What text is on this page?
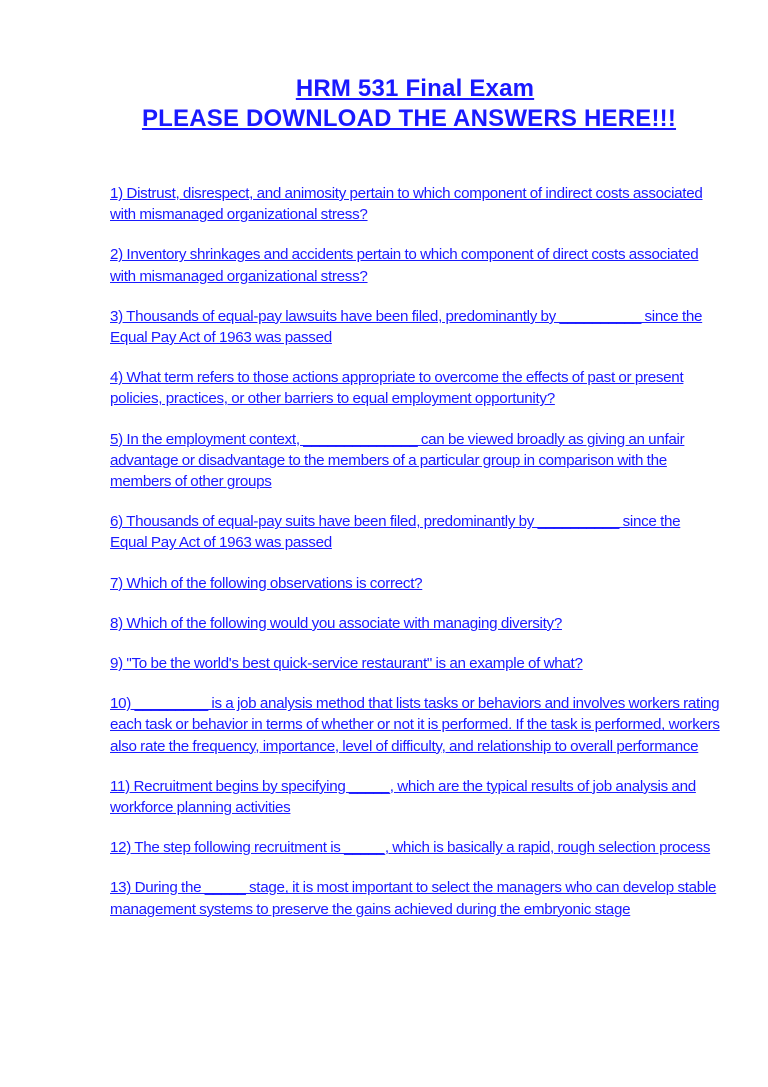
HRM 531 Final Exam
PLEASE DOWNLOAD THE ANSWERS HERE!!!
1) Distrust, disrespect, and animosity pertain to which component of indirect costs associated with mismanaged organizational stress?
2) Inventory shrinkages and accidents pertain to which component of direct costs associated with mismanaged organizational stress?
3) Thousands of equal-pay lawsuits have been filed, predominantly by __________ since the Equal Pay Act of 1963 was passed
4) What term refers to those actions appropriate to overcome the effects of past or present policies, practices, or other barriers to equal employment opportunity?
5) In the employment context, ______________ can be viewed broadly as giving an unfair advantage or disadvantage to the members of a particular group in comparison with the members of other groups
6) Thousands of equal-pay suits have been filed, predominantly by __________ since the Equal Pay Act of 1963 was passed
7) Which of the following observations is correct?
8) Which of the following would you associate with managing diversity?
9) "To be the world's best quick-service restaurant" is an example of what?
10) _________ is a job analysis method that lists tasks or behaviors and involves workers rating each task or behavior in terms of whether or not it is performed. If the task is performed, workers also rate the frequency, importance, level of difficulty, and relationship to overall performance
11) Recruitment begins by specifying _____, which are the typical results of job analysis and workforce planning activities
12) The step following recruitment is _____, which is basically a rapid, rough selection process
13) During the _____ stage, it is most important to select the managers who can develop stable management systems to preserve the gains achieved during the embryonic stage
